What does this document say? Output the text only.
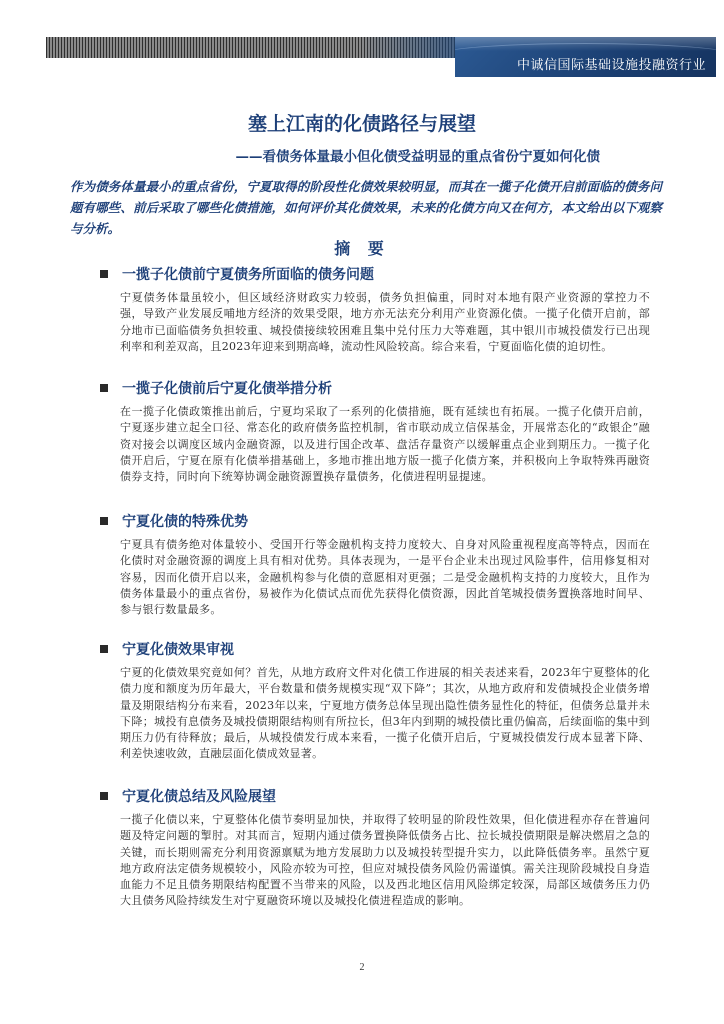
中诚信国际基础设施投融资行业
塞上江南的化债路径与展望
——看债务体量最小但化债受益明显的重点省份宁夏如何化债

作为债务体量最小的重点省份，宁夏取得的阶段性化债效果较明显，而其在一揽子化债开启前面临的债务问题有哪些、前后采取了哪些化债措施，如何评价其化债效果，未来的化债方向又在何方，本文给出以下观察与分析。

摘 要
一揽子化债前宁夏债务所面临的债务问题

宁夏债务体量虽较小，但区域经济财政实力较弱，债务负担偏重，同时对本地有限产业资源的掌控力不强，导致产业发展反哺地方经济的效果受限，地方亦无法充分利用产业资源化债。一揽子化债开启前，部分地市已面临债务负担较重、城投债接续较困难且集中兑付压力大等难题，其中银川市城投债发行已出现利率和利差双高，且2023年迎来到期高峰，流动性风险较高。综合来看，宁夏面临化债的迫切性。

一揽子化债前后宁夏化债举措分析

在一揽子化债政策推出前后，宁夏均采取了一系列的化债措施，既有延续也有拓展。一揽子化债开启前，宁夏逐步建立起全口径、常态化的政府债务监控机制，省市联动成立信保基金，开展常态化的“政银企”融资对接会以调度区域内金融资源，以及进行国企改革、盘活存量资产以缓解重点企业到期压力。一揽子化债开启后，宁夏在原有化债举措基础上，多地市推出地方版一揽子化债方案，并积极向上争取特殊再融资债券支持，同时向下统筹协调金融资源置换存量债务，化债进程明显提速。

宁夏化债的特殊优势

宁夏具有债务绝对体量较小、受国开行等金融机构支持力度较大、自身对风险重视程度高等特点，因而在化债时对金融资源的调度上具有相对优势。具体表现为，一是平台企业未出现过风险事件，信用修复相对容易，因而化债开启以来，金融机构参与化债的意愿相对更强；二是受金融机构支持的力度较大，且作为债务体量最小的重点省份，易被作为化债试点而优先获得化债资源，因此首笔城投债务置换落地时间早、参与银行数量最多。

宁夏化债效果审视

宁夏的化债效果究竟如何？首先，从地方政府文件对化债工作进展的相关表述来看，2023年宁夏整体的化债力度和额度为历年最大，平台数量和债务规模实现“双下降”；其次，从地方政府和发债城投企业债务增量及期限结构分布来看，2023年以来，宁夏地方债务总体呈现出隐性债务显性化的特征，但债务总量并未下降；城投有息债务及城投债期限结构则有所拉长，但3年内到期的城投债比重仍偏高，后续面临的集中到期压力仍有待释放；最后，从城投债发行成本来看，一揽子化债开启后，宁夏城投债发行成本显著下降、利差快速收敛，直融层面化债成效显著。

宁夏化债总结及风险展望

一揽子化债以来，宁夏整体化债节奏明显加快，并取得了较明显的阶段性效果，但化债进程亦存在普遍问题及特定问题的掣肘。对其而言，短期内通过债务置换降低债务占比、拉长城投债期限是解决燃眉之急的关键，而长期则需充分利用资源禀赋为地方发展助力以及城投转型提升实力，以此降低债务率。虽然宁夏地方政府法定债务规模较小，风险亦较为可控，但应对城投债务风险仍需谨慎。需关注现阶段城投自身造血能力不足且债务期限结构配置不当带来的风险，以及西北地区信用风险绑定较深，局部区域债务压力仍大且债务风险持续发生对宁夏融资环境以及城投化债进程造成的影响。

2
